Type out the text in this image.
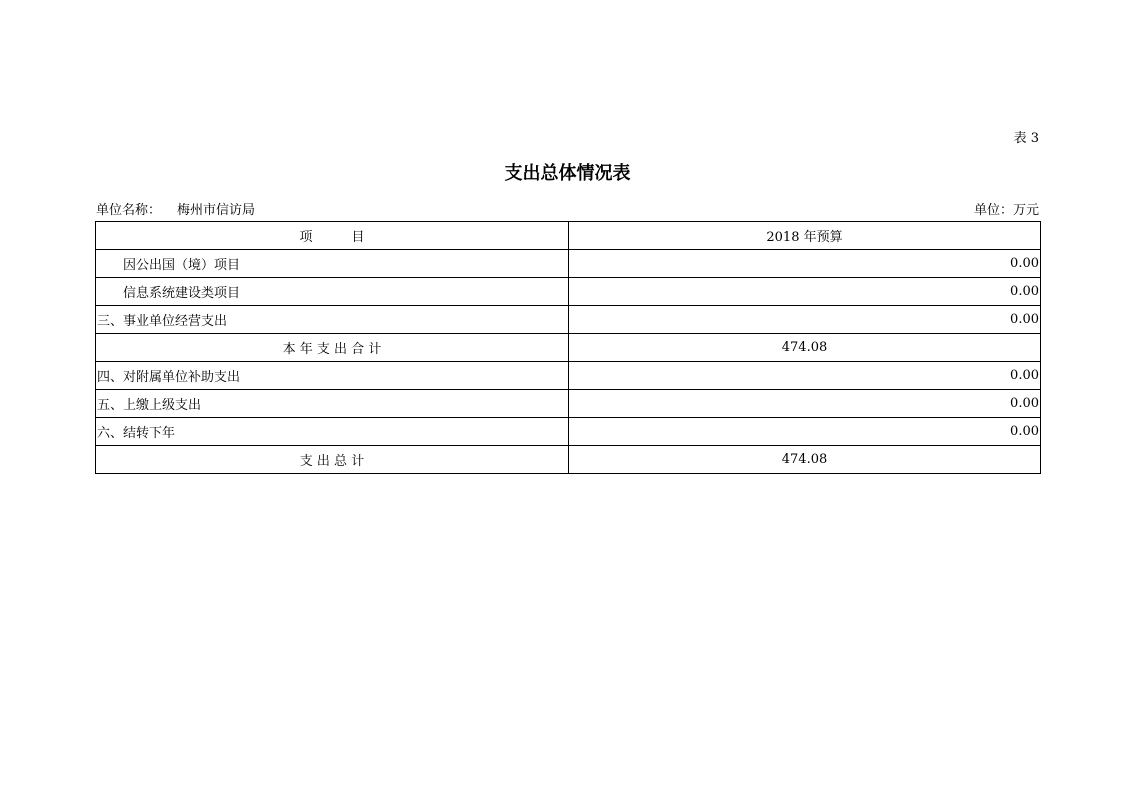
表 3
支出总体情况表
单位名称： 梅州市信访局	单位：万元
项　　　目	2018 年预算
因公出国（境）项目	0.00
信息系统建设类项目	0.00
三、事业单位经营支出	0.00
本 年 支 出 合 计	474.08
四、对附属单位补助支出	0.00
五、上缴上级支出	0.00
六、结转下年	0.00
支 出 总 计	474.08
